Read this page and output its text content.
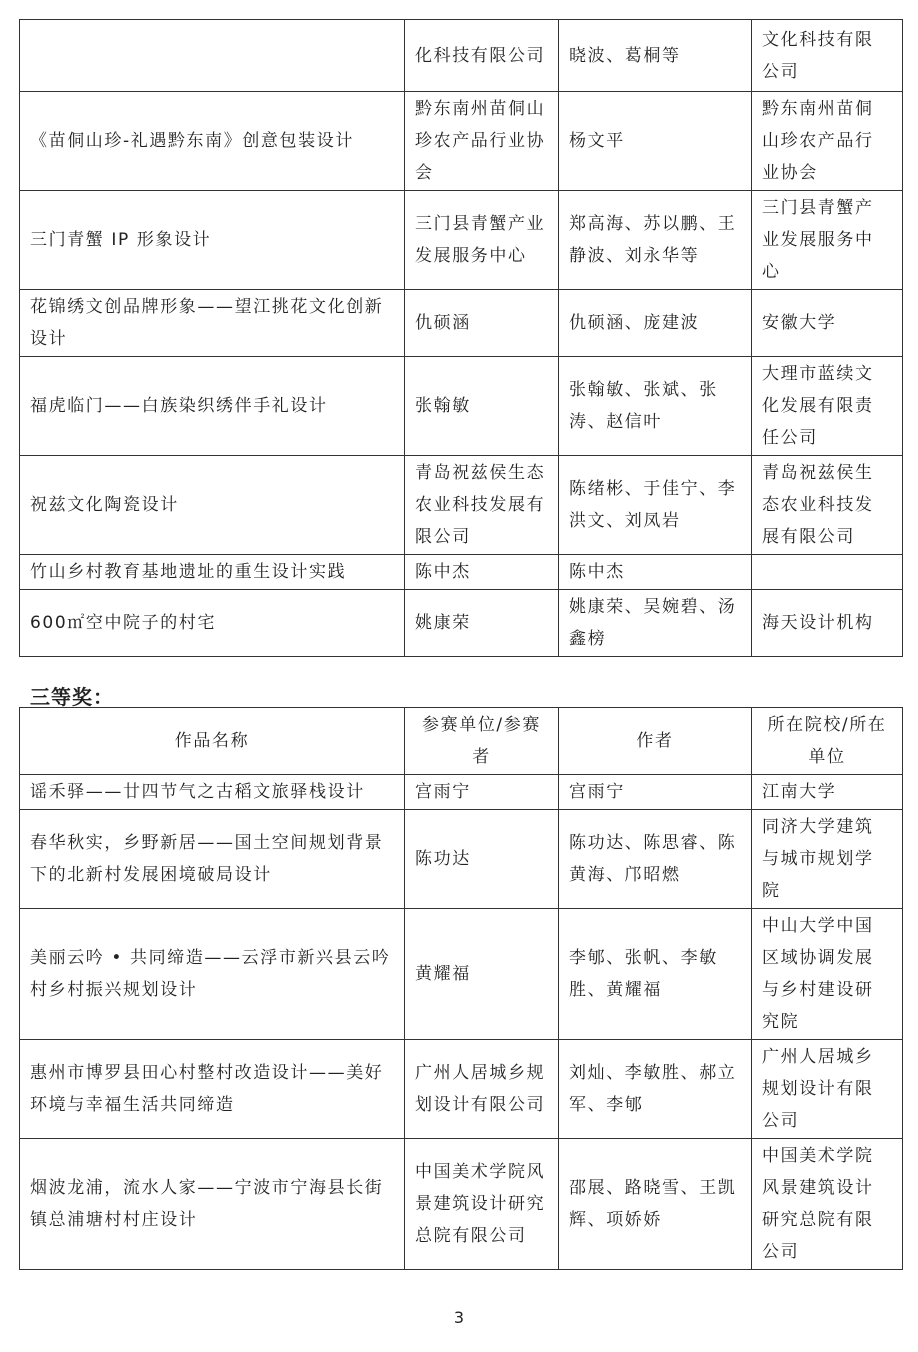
	化科技有限公司	晓波、葛桐等	文化科技有限公司
《苗侗山珍-礼遇黔东南》创意包装设计	黔东南州苗侗山珍农产品行业协会	杨文平	黔东南州苗侗山珍农产品行业协会
三门青蟹 IP 形象设计	三门县青蟹产业发展服务中心	郑高海、苏以鹏、王静波、刘永华等	三门县青蟹产业发展服务中心
花锦绣文创品牌形象——望江挑花文化创新设计	仇硕涵	仇硕涵、庞建波	安徽大学
福虎临门——白族染织绣伴手礼设计	张翰敏	张翰敏、张斌、张涛、赵信叶	大理市蓝续文化发展有限责任公司
祝兹文化陶瓷设计	青岛祝兹侯生态农业科技发展有限公司	陈绪彬、于佳宁、李洪文、刘凤岩	青岛祝兹侯生态农业科技发展有限公司
竹山乡村教育基地遗址的重生设计实践	陈中杰	陈中杰	
600㎡空中院子的村宅	姚康荣	姚康荣、吴婉碧、汤鑫榜	海天设计机构
三等奖：
作品名称	参赛单位/参赛者	作者	所在院校/所在单位
谣禾驿——廿四节气之古稻文旅驿栈设计	宫雨宁	宫雨宁	江南大学
春华秋实，乡野新居——国土空间规划背景下的北新村发展困境破局设计	陈功达	陈功达、陈思睿、陈黄海、邝昭燃	同济大学建筑与城市规划学院
美丽云吟 • 共同缔造——云浮市新兴县云吟村乡村振兴规划设计	黄耀福	李郇、张帆、李敏胜、黄耀福	中山大学中国区域协调发展与乡村建设研究院
惠州市博罗县田心村整村改造设计——美好环境与幸福生活共同缔造	广州人居城乡规划设计有限公司	刘灿、李敏胜、郝立军、李郇	广州人居城乡规划设计有限公司
烟波龙浦，流水人家——宁波市宁海县长街镇总浦塘村村庄设计	中国美术学院风景建筑设计研究总院有限公司	邵展、路晓雪、王凯辉、项娇娇	中国美术学院风景建筑设计研究总院有限公司
3
